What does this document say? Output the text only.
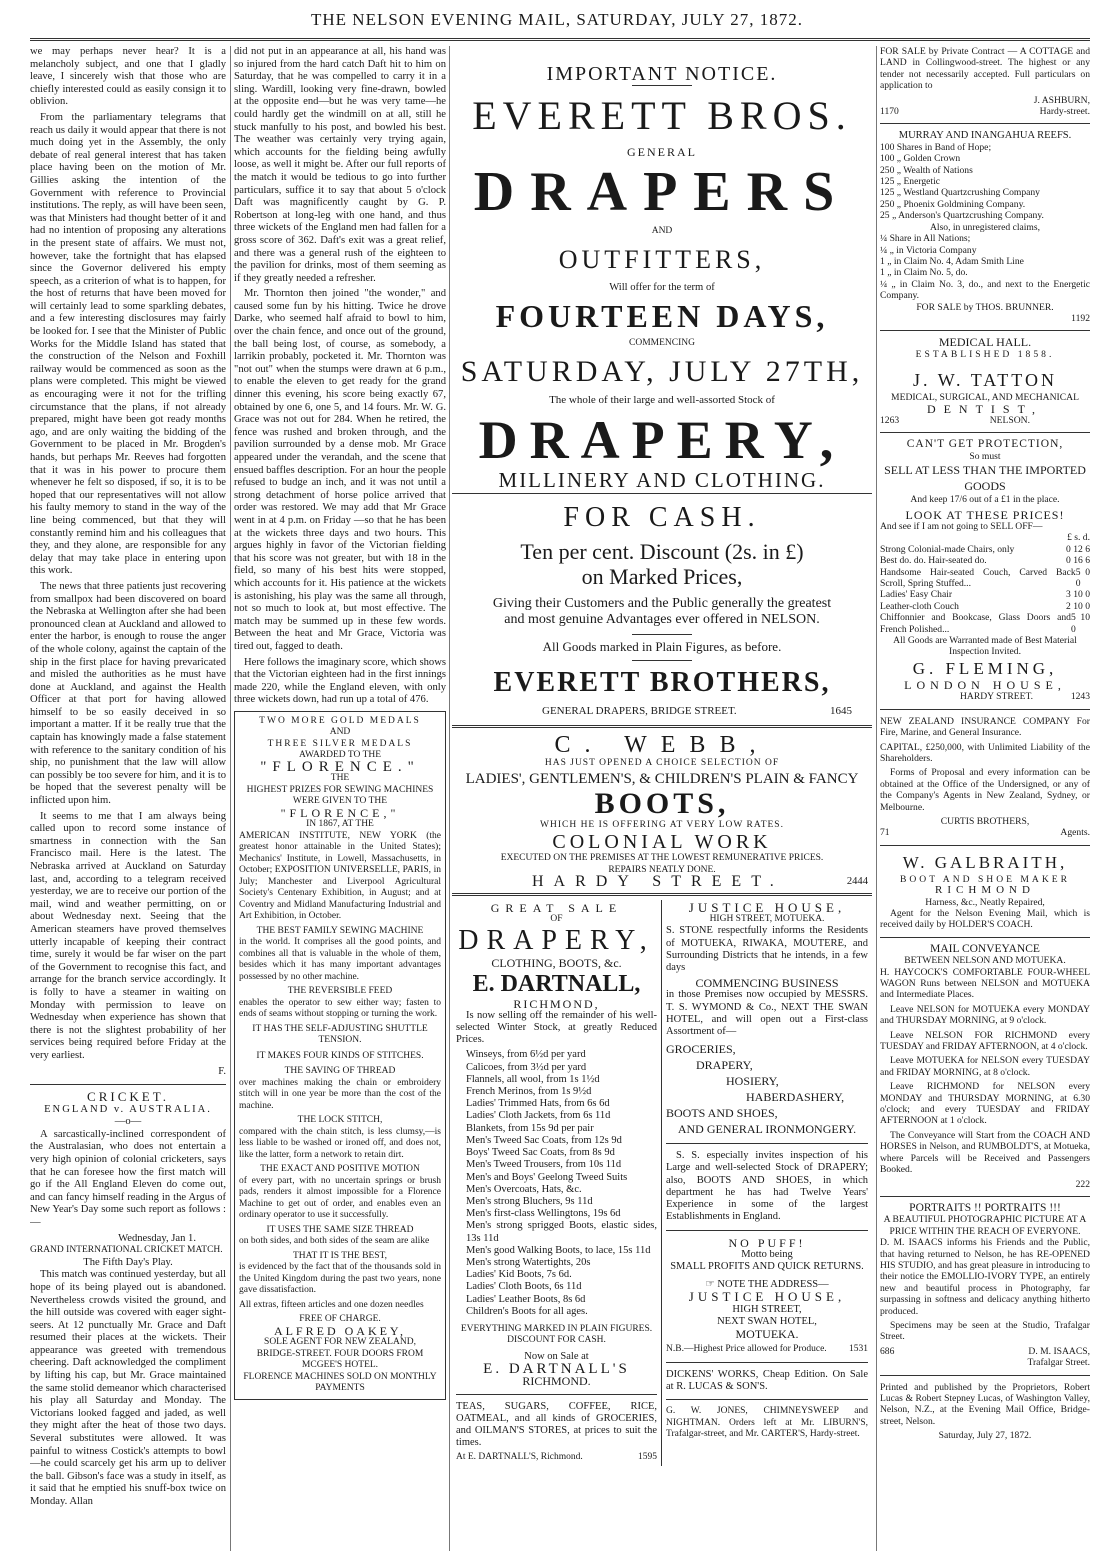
THE NELSON EVENING MAIL, SATURDAY, JULY 27, 1872.

we may perhaps never hear? It is a melancholy subject, and one that I gladly leave, I sincerely wish that those who are chiefly interested could as easily consign it to oblivion.

From the parliamentary telegrams that reach us daily it would appear that there is not much doing yet in the Assembly, the only debate of real general interest that has taken place having been on the motion of Mr. Gillies asking the intention of the Government with reference to Provincial institutions. The reply, as will have been seen, was that Ministers had thought better of it and had no intention of proposing any alterations in the present state of affairs. We must not, however, take the fortnight that has elapsed since the Governor delivered his empty speech, as a criterion of what is to happen, for the host of returns that have been moved for will certainly lead to some sparkling debates, and a few interesting disclosures may fairly be looked for. I see that the Minister of Public Works for the Middle Island has stated that the construction of the Nelson and Foxhill railway would be commenced as soon as the plans were completed. This might be viewed as encouraging were it not for the trifling circumstance that the plans, if not already prepared, might have been got ready months ago, and are only waiting the bidding of the Government to be placed in Mr. Brogden's hands, but perhaps Mr. Reeves had forgotten that it was in his power to procure them whenever he felt so disposed, if so, it is to be hoped that our representatives will not allow his faulty memory to stand in the way of the line being commenced, but that they will constantly remind him and his colleagues that they, and they alone, are responsible for any delay that may take place in entering upon this work.

The news that three patients just recovering from smallpox had been discovered on board the Nebraska at Wellington after she had been pronounced clean at Auckland and allowed to enter the harbor, is enough to rouse the anger of the whole colony, against the captain of the ship in the first place for having prevaricated and misled the authorities as he must have done at Auckland, and against the Health Officer at that port for having allowed himself to be so easily deceived in so important a matter. If it be really true that the captain has knowingly made a false statement with reference to the sanitary condition of his ship, no punishment that the law will allow can possibly be too severe for him, and it is to be hoped that the severest penalty will be inflicted upon him.

It seems to me that I am always being called upon to record some instance of smartness in connection with the San Francisco mail. Here is the latest. The Nebraska arrived at Auckland on Saturday last, and, according to a telegram received yesterday, we are to receive our portion of the mail, wind and weather permitting, on or about Wednesday next. Seeing that the American steamers have proved themselves utterly incapable of keeping their contract time, surely it would be far wiser on the part of the Government to recognise this fact, and arrange for the branch service accordingly. It is folly to have a steamer in waiting on Monday with permission to leave on Wednesday when experience has shown that there is not the slightest probability of her services being required before Friday at the very earliest.

F.
CRICKET.
ENGLAND v. AUSTRALIA.
—o—

A sarcastically-inclined correspondent of the Australasian, who does not entertain a very high opinion of colonial cricketers, says that he can foresee how the first match will go if the All England Eleven do come out, and can fancy himself reading in the Argus of New Year's Day some such report as follows :—

Wednesday, Jan 1.
GRAND INTERNATIONAL CRICKET MATCH.
The Fifth Day's Play.

This match was continued yesterday, but all hope of its being played out is abandoned. Nevertheless crowds visited the ground, and the hill outside was covered with eager sight-seers. At 12 punctually Mr. Grace and Daft resumed their places at the wickets. Their appearance was greeted with tremendous cheering. Daft acknowledged the compliment by lifting his cap, but Mr. Grace maintained the same stolid demeanor which characterised his play all Saturday and Monday. The Victorians looked fagged and jaded, as well they might after the heat of those two days. Several substitutes were allowed. It was painful to witness Costick's attempts to bowl—he could scarcely get his arm up to deliver the ball. Gibson's face was a study in itself, as it said that he emptied his snuff-box twice on Monday. Allan

did not put in an appearance at all, his hand was so injured from the hard catch Daft hit to him on Saturday, that he was compelled to carry it in a sling. Wardill, looking very fine-drawn, bowled at the opposite end—but he was very tame—he could hardly get the windmill on at all, still he stuck manfully to his post, and bowled his best. The weather was certainly very trying again, which accounts for the fielding being awfully loose, as well it might be. After our full reports of the match it would be tedious to go into further particulars, suffice it to say that about 5 o'clock Daft was magnificently caught by G. P. Robertson at long-leg with one hand, and thus three wickets of the England men had fallen for a gross score of 362. Daft's exit was a great relief, and there was a general rush of the eighteen to the pavilion for drinks, most of them seeming as if they greatly needed a refresher.

Mr. Thornton then joined "the wonder," and caused some fun by his hitting. Twice he drove Darke, who seemed half afraid to bowl to him, over the chain fence, and once out of the ground, the ball being lost, of course, as somebody, a larrikin probably, pocketed it. Mr. Thornton was "not out" when the stumps were drawn at 6 p.m., to enable the eleven to get ready for the grand dinner this evening, his score being exactly 67, obtained by one 6, one 5, and 14 fours. Mr. W. G. Grace was not out for 284. When he retired, the fence was rushed and broken through, and the pavilion surrounded by a dense mob. Mr Grace appeared under the verandah, and the scene that ensued baffles description. For an hour the people refused to budge an inch, and it was not until a strong detachment of horse police arrived that order was restored. We may add that Mr Grace went in at 4 p.m. on Friday —so that he has been at the wickets three days and two hours. This argues highly in favor of the Victorian fielding that his score was not greater, but with 18 in the field, so many of his best hits were stopped, which accounts for it. His patience at the wickets is astonishing, his play was the same all through, not so much to look at, but most effective. The match may be summed up in these few words. Between the heat and Mr Grace, Victoria was tired out, fagged to death.

Here follows the imaginary score, which shows that the Victorian eighteen had in the first innings made 220, while the England eleven, with only three wickets down, had run up a total of 476.

TWO MORE GOLD MEDALS
AND
THREE SILVER MEDALS
AWARDED TO THE
"FLORENCE."
THE
HIGHEST PRIZES FOR SEWING MACHINES
WERE GIVEN TO THE
"FLORENCE,"
IN 1867, AT THE

AMERICAN INSTITUTE, NEW YORK (the greatest honor attainable in the United States); Mechanics' Institute, in Lowell, Massachusetts, in October; EXPOSITION UNIVERSELLE, PARIS, in July; Manchester and Liverpool Agricultural Society's Centenary Exhibition, in August; and at Coventry and Midland Manufacturing Industrial and Art Exhibition, in October.

THE BEST FAMILY SEWING MACHINE

in the world. It comprises all the good points, and combines all that is valuable in the whole of them, besides which it has many important advantages possessed by no other machine.

THE REVERSIBLE FEED

enables the operator to sew either way; fasten to ends of seams without stopping or turning the work.

IT HAS THE SELF-ADJUSTING SHUTTLE TENSION.
IT MAKES FOUR KINDS OF STITCHES.
THE SAVING OF THREAD

over machines making the chain or embroidery stitch will in one year be more than the cost of the machine.

THE LOCK STITCH,

compared with the chain stitch, is less clumsy,—is less liable to be washed or ironed off, and does not, like the latter, form a network to retain dirt.

THE EXACT AND POSITIVE MOTION

of every part, with no uncertain springs or brush pads, renders it almost impossible for a Florence Machine to get out of order, and enables even an ordinary operator to use it successfully.

IT USES THE SAME SIZE THREAD

on both sides, and both sides of the seam are alike

THAT IT IS THE BEST,

is evidenced by the fact that of the thousands sold in the United Kingdom during the past two years, none gave dissatisfaction.

All extras, fifteen articles and one dozen needles

FREE OF CHARGE.
ALFRED OAKEY,
SOLE AGENT FOR NEW ZEALAND,
BRIDGE-STREET. FOUR DOORS FROM
MCGEE'S HOTEL.
FLORENCE MACHINES SOLD ON MONTHLY PAYMENTS
IMPORTANT NOTICE.
EVERETT BROS.
GENERAL
DRAPERS
AND
OUTFITTERS,
Will offer for the term of
FOURTEEN DAYS,
COMMENCING
SATURDAY, JULY 27TH,
The whole of their large and well-assorted Stock of
DRAPERY,
MILLINERY AND CLOTHING.
FOR CASH.
Ten per cent. Discount (2s. in £)
on Marked Prices,
Giving their Customers and the Public generally the greatest and most genuine Advantages ever offered in NELSON.
All Goods marked in Plain Figures, as before.
EVERETT BROTHERS,
GENERAL DRAPERS, BRIDGE STREET.	1645
C. WEBB,
HAS JUST OPENED A CHOICE SELECTION OF
LADIES', GENTLEMEN'S, & CHILDREN'S PLAIN & FANCY
BOOTS,
WHICH HE IS OFFERING AT VERY LOW RATES.
COLONIAL WORK
EXECUTED ON THE PREMISES AT THE LOWEST REMUNERATIVE PRICES.
REPAIRS NEATLY DONE.
HARDY STREET.	2444
GREAT SALE
OF
DRAPERY,
CLOTHING, BOOTS, &c.
E. DARTNALL,
RICHMOND,

Is now selling off the remainder of his well-selected Winter Stock, at greatly Reduced Prices.

Winseys, from 6½d per yard
Calicoes, from 3½d per yard
Flannels, all wool, from 1s 1½d
French Merinos, from 1s 9½d
Ladies' Trimmed Hats, from 6s 6d
Ladies' Cloth Jackets, from 6s 11d
Blankets, from 15s 9d per pair
Men's Tweed Sac Coats, from 12s 9d
Boys' Tweed Sac Coats, from 8s 9d
Men's Tweed Trousers, from 10s 11d
Men's and Boys' Geelong Tweed Suits
Men's Overcoats, Hats, &c.
Men's strong Bluchers, 9s 11d
Men's first-class Wellingtons, 19s 6d
Men's strong sprigged Boots, elastic sides, 13s 11d
Men's good Walking Boots, to lace, 15s 11d
Men's strong Watertights, 20s
Ladies' Kid Boots, 7s 6d.
Ladies' Cloth Boots, 6s 11d
Ladies' Leather Boots, 8s 6d
Children's Boots for all ages.
EVERYTHING MARKED IN PLAIN FIGURES.
DISCOUNT FOR CASH.
Now on Sale at
E. DARTNALL'S
RICHMOND.

TEAS, SUGARS, COFFEE, RICE, OATMEAL, and all kinds of GROCERIES, and OILMAN'S STORES, at prices to suit the times.

At E. DARTNALL'S, Richmond.	1595
JUSTICE HOUSE,
HIGH STREET, MOTUEKA.

S. STONE respectfully informs the Residents of MOTUEKA, RIWAKA, MOUTERE, and Surrounding Districts that he intends, in a few days

COMMENCING BUSINESS

in those Premises now occupied by MESSRS. T. S. WYMOND & Co., NEXT THE SWAN HOTEL, and will open out a First-class Assortment of—

GROCERIES,
DRAPERY,
HOSIERY,
HABERDASHERY,
BOOTS AND SHOES,
AND GENERAL IRONMONGERY.

S. S. especially invites inspection of his Large and well-selected Stock of DRAPERY; also, BOOTS AND SHOES, in which department he has had Twelve Years' Experience in some of the largest Establishments in England.

NO PUFF!
Motto being
SMALL PROFITS AND QUICK RETURNS.
☞ NOTE THE ADDRESS—
JUSTICE HOUSE,
HIGH STREET,
NEXT SWAN HOTEL,
MOTUEKA.
N.B.—Highest Price allowed for Produce. 1531

DICKENS' WORKS, Cheap Edition. On Sale at R. LUCAS & SON'S.

G. W. JONES, CHIMNEYSWEEP and NIGHTMAN. Orders left at Mr. LIBURN'S, Trafalgar-street, and Mr. CARTER'S, Hardy-street.

FOR SALE by Private Contract — A COTTAGE and LAND in Collingwood-street. The highest or any tender not necessarily accepted. Full particulars on application to

J. ASHBURN,
1170	Hardy-street.
MURRAY AND INANGAHUA REEFS.
100 Shares in Band of Hope;
100 „ Golden Crown
250 „ Wealth of Nations
125 „ Energetic
125 „ Westland Quartzcrushing Company
250 „ Phoenix Goldmining Company.
25 „ Anderson's Quartzcrushing Company.
Also, in unregistered claims,
¼ Share in All Nations;
¼ „ in Victoria Company
1 „ in Claim No. 4, Adam Smith Line
1 „ in Claim No. 5, do.
¼ „ in Claim No. 3, do., and next to the Energetic Company.
FOR SALE by THOS. BRUNNER.
1192
MEDICAL HALL.
ESTABLISHED 1858.
J. W. TATTON
MEDICAL, SURGICAL, AND MECHANICAL
DENTIST,
1263	NELSON.
CAN'T GET PROTECTION,
So must
SELL AT LESS THAN THE IMPORTED GOODS
And keep 17/6 out of a £1 in the place.
LOOK AT THESE PRICES!
And see if I am not going to SELL OFF—
£ s. d.
Strong Colonial-made Chairs, only	0 12 6
Best do. do. Hair-seated do.	0 16 6
Handsome Hair-seated Couch, Carved Back Scroll, Spring Stuffed...
5 0 0
Ladies' Easy Chair	3 10 0
Leather-cloth Couch	2 10 0
Chiffonnier and Bookcase, Glass Doors and French Polished...
5 10 0
All Goods are Warranted made of Best Material Inspection Invited.
G. FLEMING,
LONDON HOUSE,
HARDY STREET.	1243

NEW ZEALAND INSURANCE COMPANY For Fire, Marine, and General Insurance.

CAPITAL, £250,000, with Unlimited Liability of the Shareholders.

Forms of Proposal and every information can be obtained at the Office of the Undersigned, or any of the Company's Agents in New Zealand, Sydney, or Melbourne.

CURTIS BROTHERS,
71	Agents.
W. GALBRAITH,
BOOT AND SHOE MAKER
RICHMOND
Harness, &c., Neatly Repaired,

Agent for the Nelson Evening Mail, which is received daily by HOLDER'S COACH.

MAIL CONVEYANCE
BETWEEN NELSON AND MOTUEKA.

H. HAYCOCK'S COMFORTABLE FOUR-WHEEL WAGON Runs between NELSON and MOTUEKA and Intermediate Places.

Leave NELSON for MOTUEKA every MONDAY and THURSDAY MORNING, at 9 o'clock.

Leave NELSON FOR RICHMOND every TUESDAY and FRIDAY AFTERNOON, at 4 o'clock.

Leave MOTUEKA for NELSON every TUESDAY and FRIDAY MORNING, at 8 o'clock.

Leave RICHMOND for NELSON every MONDAY and THURSDAY MORNING, at 6.30 o'clock; and every TUESDAY and FRIDAY AFTERNOON at 1 o'clock.

The Conveyance will Start from the COACH AND HORSES in Nelson, and RUMBOLDT'S, at Motueka, where Parcels will be Received and Passengers Booked.

222
PORTRAITS !! PORTRAITS !!!
A BEAUTIFUL PHOTOGRAPHIC PICTURE AT A PRICE WITHIN THE REACH OF EVERYONE.

D. M. ISAACS informs his Friends and the Public, that having returned to Nelson, he has RE-OPENED HIS STUDIO, and has great pleasure in introducing to their notice the EMOLLIO-IVORY TYPE, an entirely new and beautiful process in Photography, far surpassing in softness and delicacy anything hitherto produced.

Specimens may be seen at the Studio, Trafalgar Street.

686	D. M. ISAACS,
Trafalgar Street.

Printed and published by the Proprietors, Robert Lucas & Robert Stepney Lucas, of Washington Valley, Nelson, N.Z., at the Evening Mail Office, Bridge-street, Nelson.

Saturday, July 27, 1872.
